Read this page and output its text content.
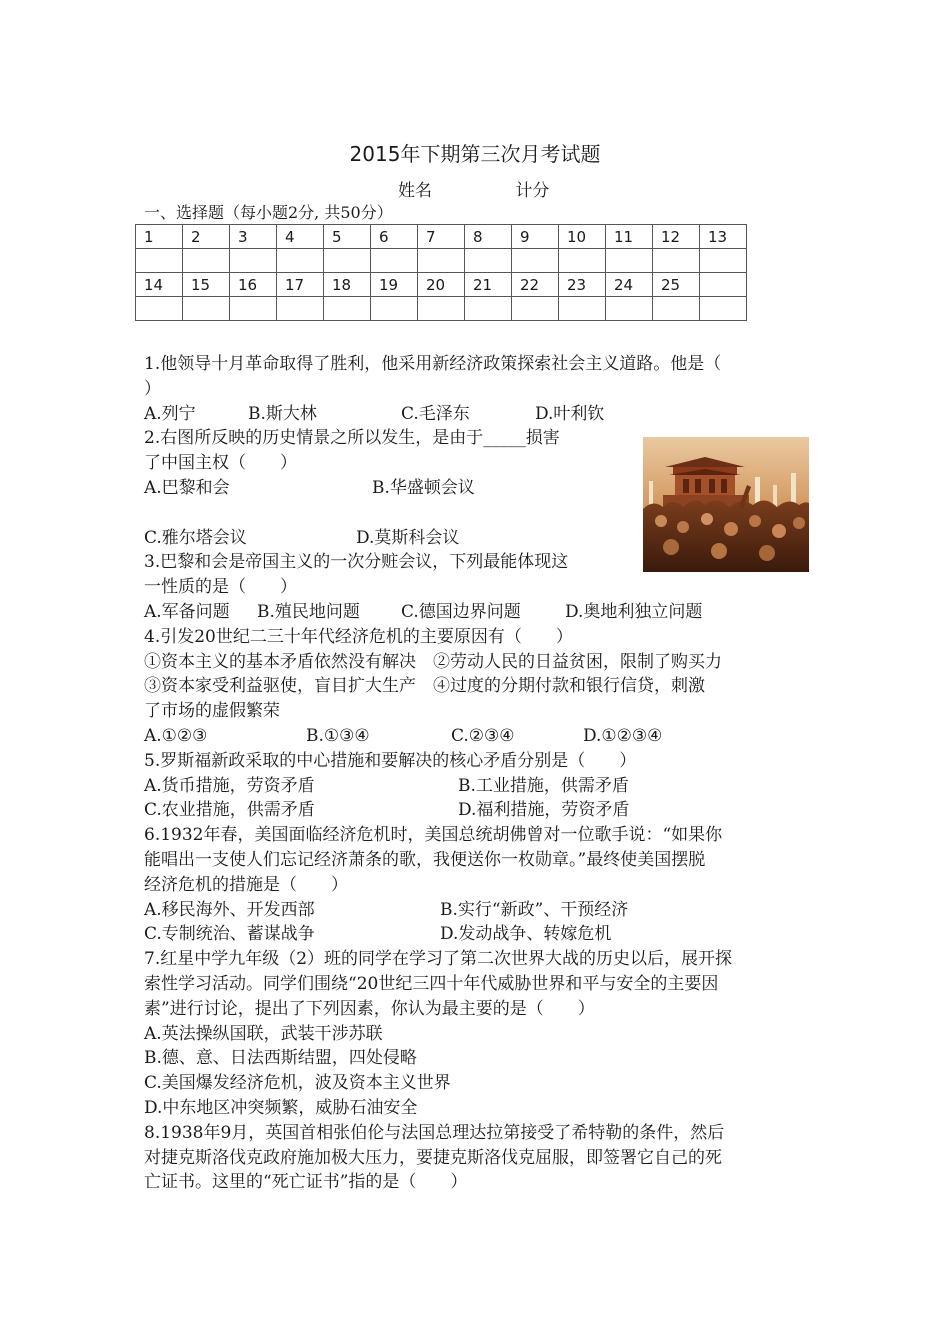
2015年下期第三次月考试题
姓名	计分
一、选择题（每小题2分, 共50分）
1	2	3	4	5	6	7	8	9	10	11	12	13

14	15	16	17	18	19	20	21	22	23	24	25	

1.他领导十月革命取得了胜利，他采用新经济政策探索社会主义道路。他是（
）
A.列宁	B.斯大林	C.毛泽东	D.叶利钦
2.右图所反映的历史情景之所以发生，是由于_____损害
了中国主权（　　）
A.巴黎和会	B.华盛顿会议
C.雅尔塔会议	D.莫斯科会议
3.巴黎和会是帝国主义的一次分赃会议，下列最能体现这
一性质的是（　　）
A.军备问题 B.殖民地问题 C.德国边界问题	D.奥地利独立问题
4.引发20世纪二三十年代经济危机的主要原因有（　　）
①资本主义的基本矛盾依然没有解决　②劳动人民的日益贫困，限制了购买力
③资本家受利益驱使，盲目扩大生产　④过度的分期付款和银行信贷，刺激
了市场的虚假繁荣
A.①②③	B.①③④	C.②③④	D.①②③④
5.罗斯福新政采取的中心措施和要解决的核心矛盾分别是（　　）
A.货币措施，劳资矛盾	B.工业措施，供需矛盾
C.农业措施，供需矛盾	D.福利措施，劳资矛盾
6.1932年春，美国面临经济危机时，美国总统胡佛曾对一位歌手说：“如果你
能唱出一支使人们忘记经济萧条的歌，我便送你一枚勋章。”最终使美国摆脱
经济危机的措施是（　　）
A.移民海外、开发西部	B.实行“新政”、干预经济
C.专制统治、蓄谋战争	D.发动战争、转嫁危机
7.红星中学九年级（2）班的同学在学习了第二次世界大战的历史以后，展开探
索性学习活动。同学们围绕“20世纪三四十年代威胁世界和平与安全的主要因
素”进行讨论，提出了下列因素，你认为最主要的是（　　）
A.英法操纵国联，武装干涉苏联
B.德、意、日法西斯结盟，四处侵略
C.美国爆发经济危机，波及资本主义世界
D.中东地区冲突频繁，威胁石油安全
8.1938年9月，英国首相张伯伦与法国总理达拉第接受了希特勒的条件，然后
对捷克斯洛伐克政府施加极大压力，要捷克斯洛伐克屈服，即签署它自己的死
亡证书。这里的“死亡证书”指的是（　　）
